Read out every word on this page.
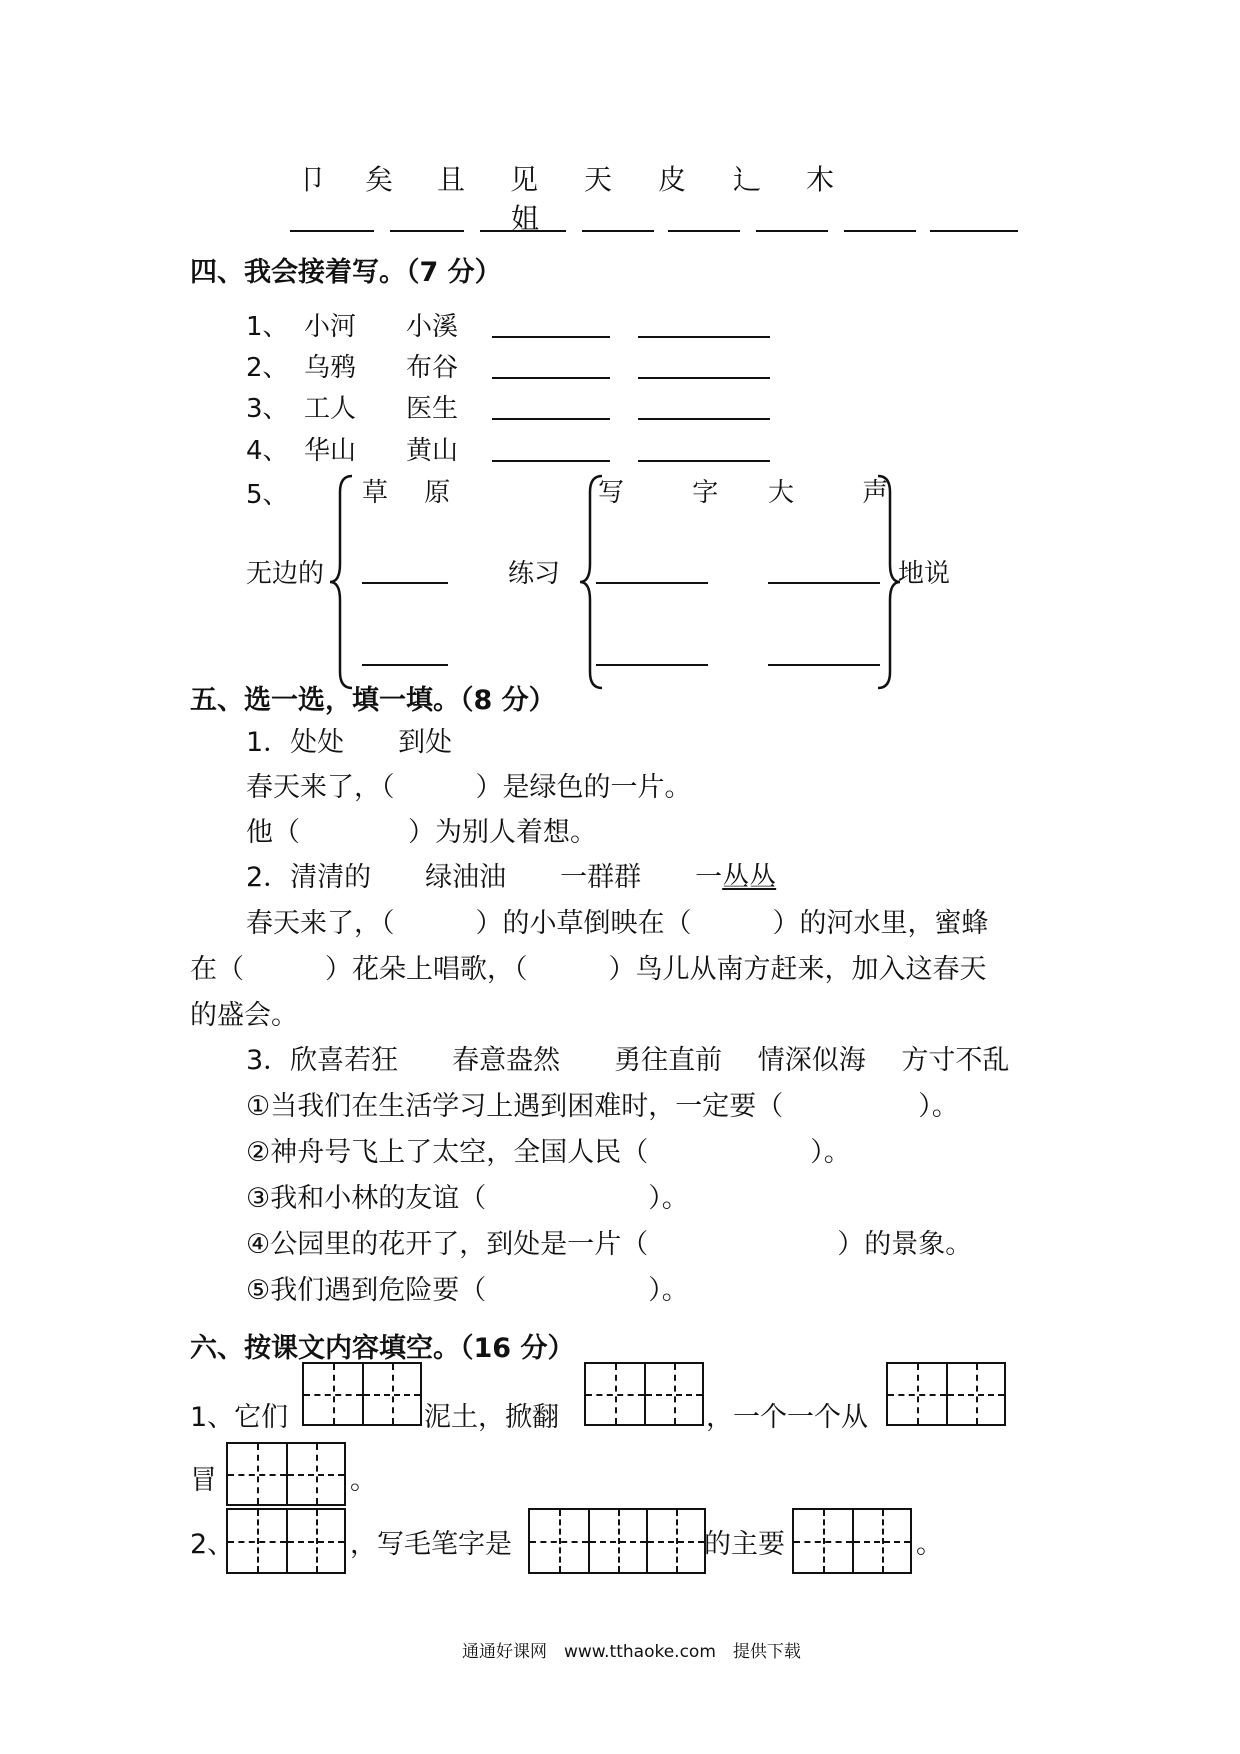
卩 矣 且 见 天 皮 辶 木
姐
四、我会接着写。（7 分）
1、 小河 小溪
2、 乌鸦 布谷
3、 工人 医生
4、 华山 黄山
5、	草 原	写 字 大 声
无边的	练习	地说
五、选一选，填一填。（8 分）
1．处处　　到处
春天来了，（　　　）是绿色的一片。
他（　　　　）为别人着想。
2．清清的　　绿油油　　一群群　　一丛丛
春天来了，（　　　）的小草倒映在（　　　）的河水里，蜜蜂
在（　　　）花朵上唱歌，（　　　）鸟儿从南方赶来，加入这春天
的盛会。
3．欣喜若狂　　春意盎然　　勇往直前　 情深似海　 方寸不乱
①当我们在生活学习上遇到困难时，一定要（　　　　　）。
②神舟号飞上了太空，全国人民（　　　　　　）。
③我和小林的友谊（　　　　　　）。
④公园里的花开了，到处是一片（　　　　　　　）的景象。
⑤我们遇到危险要（　　　　　　）。
六、按课文内容填空。（16 分）
1、它们	泥土，掀翻	，一个一个从
冒	。
2、	，写毛笔字是	的主要	。
通通好课网　www.tthaoke.com　提供下载
